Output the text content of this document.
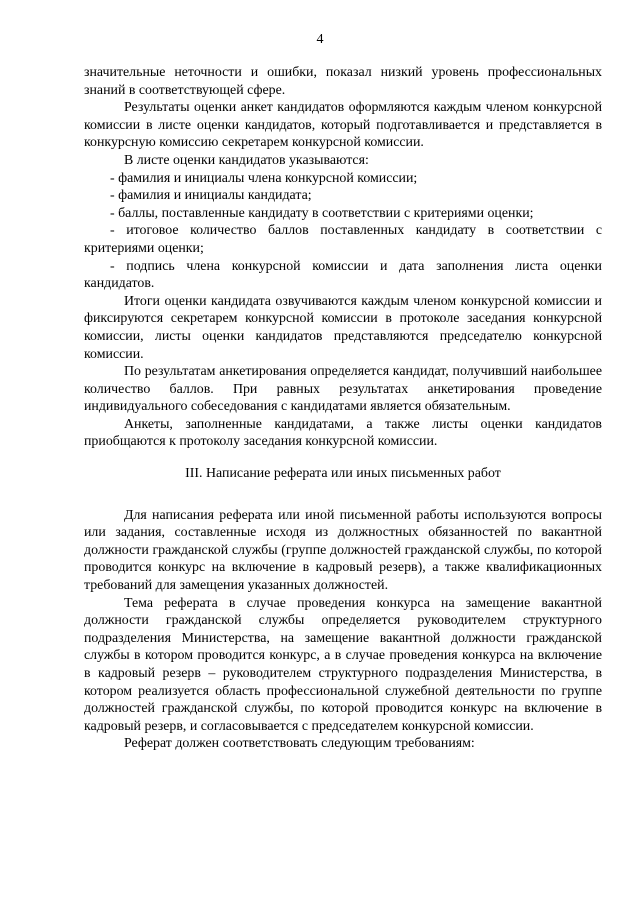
4

значительные неточности и ошибки, показал низкий уровень профессиональных знаний в соответствующей сфере.

Результаты оценки анкет кандидатов оформляются каждым членом конкурсной комиссии в листе оценки кандидатов, который подготавливается и представляется в конкурсную комиссию секретарем конкурсной комиссии.

В листе оценки кандидатов указываются:

- фамилия и инициалы члена конкурсной комиссии;

- фамилия и инициалы кандидата;

- баллы, поставленные кандидату в соответствии с критериями оценки;

- итоговое количество баллов поставленных кандидату в соответствии с критериями оценки;

- подпись члена конкурсной комиссии и дата заполнения листа оценки кандидатов.

Итоги оценки кандидата озвучиваются каждым членом конкурсной комиссии и фиксируются секретарем конкурсной комиссии в протоколе заседания конкурсной комиссии, листы оценки кандидатов представляются председателю конкурсной комиссии.

По результатам анкетирования определяется кандидат, получивший наибольшее количество баллов. При равных результатах анкетирования проведение индивидуального собеседования с кандидатами является обязательным.

Анкеты, заполненные кандидатами, а также листы оценки кандидатов приобщаются к протоколу заседания конкурсной комиссии.

III. Написание реферата или иных письменных работ

Для написания реферата или иной письменной работы используются вопросы или задания, составленные исходя из должностных обязанностей по вакантной должности гражданской службы (группе должностей гражданской службы, по которой проводится конкурс на включение в кадровый резерв), а также квалификационных требований для замещения указанных должностей.

Тема реферата в случае проведения конкурса на замещение вакантной должности гражданской службы определяется руководителем структурного подразделения Министерства, на замещение вакантной должности гражданской службы в котором проводится конкурс, а в случае проведения конкурса на включение в кадровый резерв – руководителем структурного подразделения Министерства, в котором реализуется область профессиональной служебной деятельности по группе должностей гражданской службы, по которой проводится конкурс на включение в кадровый резерв, и согласовывается с председателем конкурсной комиссии.

Реферат должен соответствовать следующим требованиям:
